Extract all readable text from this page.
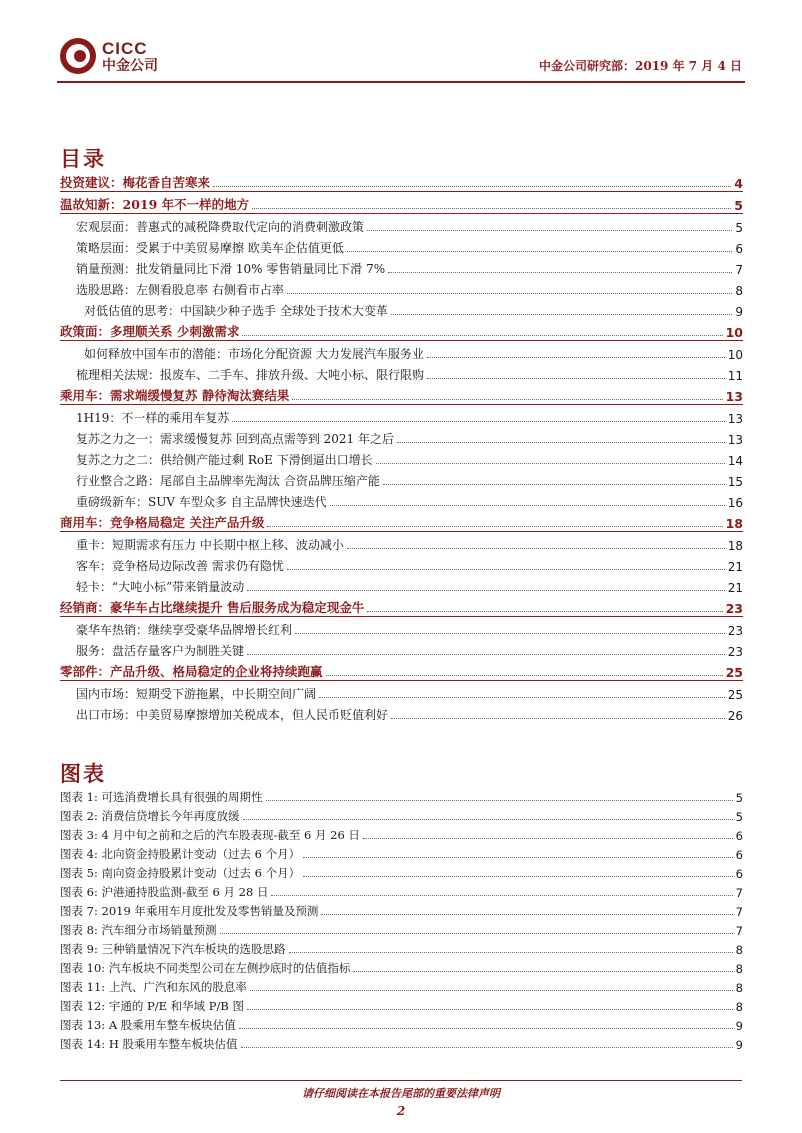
CICC
中金公司	中金公司研究部：2019 年 7 月 4 日
目录
投资建议：梅花香自苦寒来	4
温故知新：2019 年不一样的地方	5
宏观层面：普惠式的减税降费取代定向的消费刺激政策	5
策略层面：受累于中美贸易摩擦 欧美车企估值更低	6
销量预测：批发销量同比下滑 10% 零售销量同比下滑 7%	7
选股思路：左侧看股息率 右侧看市占率	8
对低估值的思考：中国缺少种子选手 全球处于技术大变革	9
政策面：多理顺关系 少刺激需求	10
如何释放中国车市的潜能：市场化分配资源 大力发展汽车服务业	10
梳理相关法规：报废车、二手车、排放升级、大吨小标、限行限购	11
乘用车：需求端缓慢复苏 静待淘汰赛结果	13
1H19：不一样的乘用车复苏	13
复苏之力之一：需求缓慢复苏 回到高点需等到 2021 年之后	13
复苏之力之二：供给侧产能过剩 RoE 下滑倒逼出口增长	14
行业整合之路：尾部自主品牌率先淘汰 合资品牌压缩产能	15
重磅级新车：SUV 车型众多 自主品牌快速迭代	16
商用车：竞争格局稳定 关注产品升级	18
重卡：短期需求有压力 中长期中枢上移、波动减小	18
客车：竞争格局边际改善 需求仍有隐忧	21
轻卡：“大吨小标”带来销量波动	21
经销商：豪华车占比继续提升 售后服务成为稳定现金牛	23
豪华车热销：继续享受豪华品牌增长红利	23
服务：盘活存量客户为制胜关键	23
零部件：产品升级、格局稳定的企业将持续跑赢	25
国内市场：短期受下游拖累，中长期空间广阔	25
出口市场：中美贸易摩擦增加关税成本，但人民币贬值利好	26
图表
图表 1: 可选消费增长具有很强的周期性	5
图表 2: 消费信贷增长今年再度放缓	5
图表 3: 4 月中旬之前和之后的汽车股表现-截至 6 月 26 日	6
图表 4: 北向资金持股累计变动（过去 6 个月）	6
图表 5: 南向资金持股累计变动（过去 6 个月）	6
图表 6: 沪港通持股监测-截至 6 月 28 日	7
图表 7: 2019 年乘用车月度批发及零售销量及预测	7
图表 8: 汽车细分市场销量预测	7
图表 9: 三种销量情况下汽车板块的选股思路	8
图表 10: 汽车板块不同类型公司在左侧抄底时的估值指标	8
图表 11: 上汽、广汽和东风的股息率	8
图表 12: 宇通的 P/E 和华域 P/B 图	8
图表 13: A 股乘用车整车板块估值	9
图表 14: H 股乘用车整车板块估值	9
请仔细阅读在本报告尾部的重要法律声明
2
